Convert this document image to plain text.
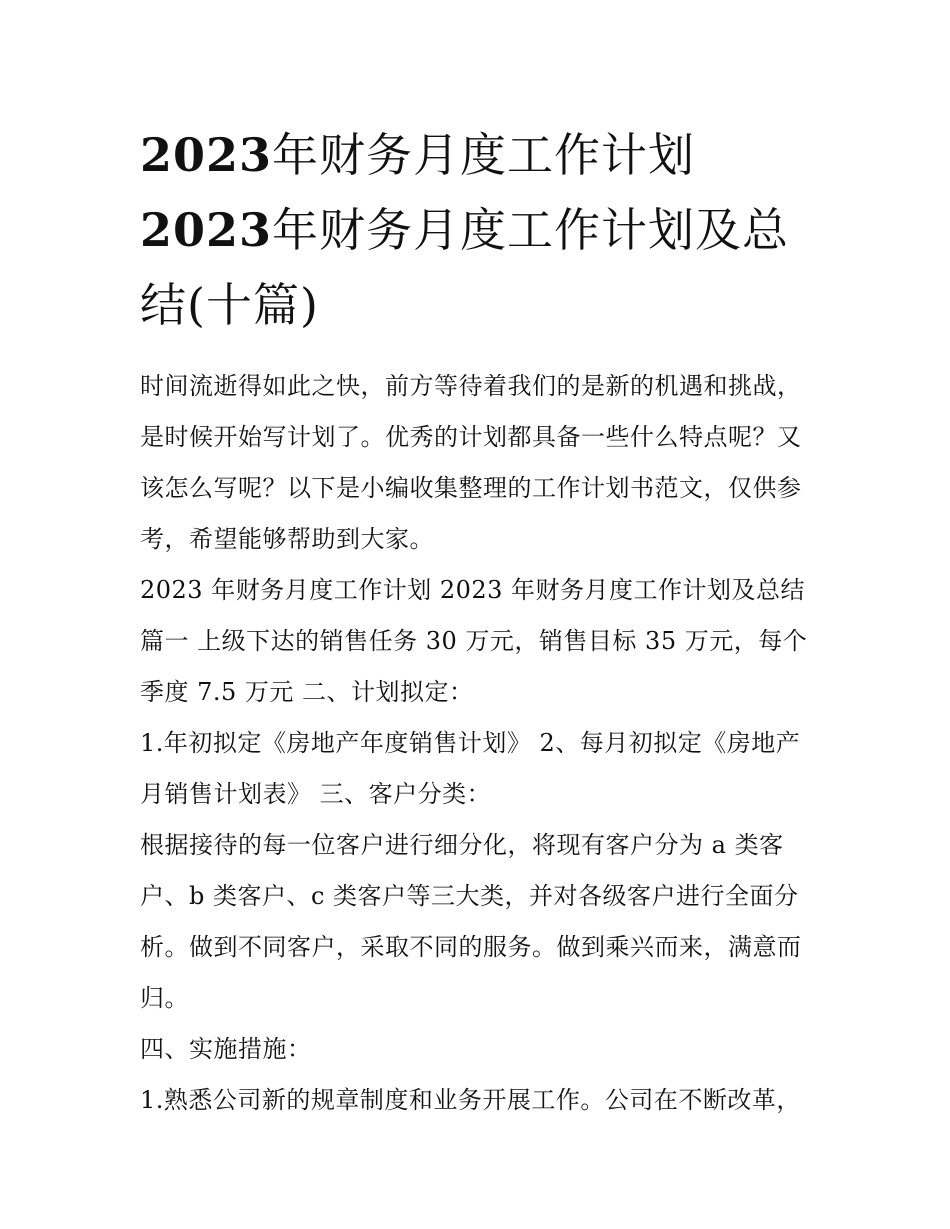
2023年财务月度工作计划
2023年财务月度工作计划及总结(十篇)

时间流逝得如此之快，前方等待着我们的是新的机遇和挑战，是时候开始写计划了。优秀的计划都具备一些什么特点呢？又该怎么写呢？以下是小编收集整理的工作计划书范文，仅供参考，希望能够帮助到大家。

2023 年财务月度工作计划 2023 年财务月度工作计划及总结篇一 上级下达的销售任务 30 万元，销售目标 35 万元，每个季度 7.5 万元 二、计划拟定：

1.年初拟定《房地产年度销售计划》 2、每月初拟定《房地产月销售计划表》 三、客户分类：

根据接待的每一位客户进行细分化，将现有客户分为 a 类客户、b 类客户、c 类客户等三大类，并对各级客户进行全面分析。做到不同客户，采取不同的服务。做到乘兴而来，满意而归。

四、实施措施：

1.熟悉公司新的规章制度和业务开展工作。公司在不断改革，
